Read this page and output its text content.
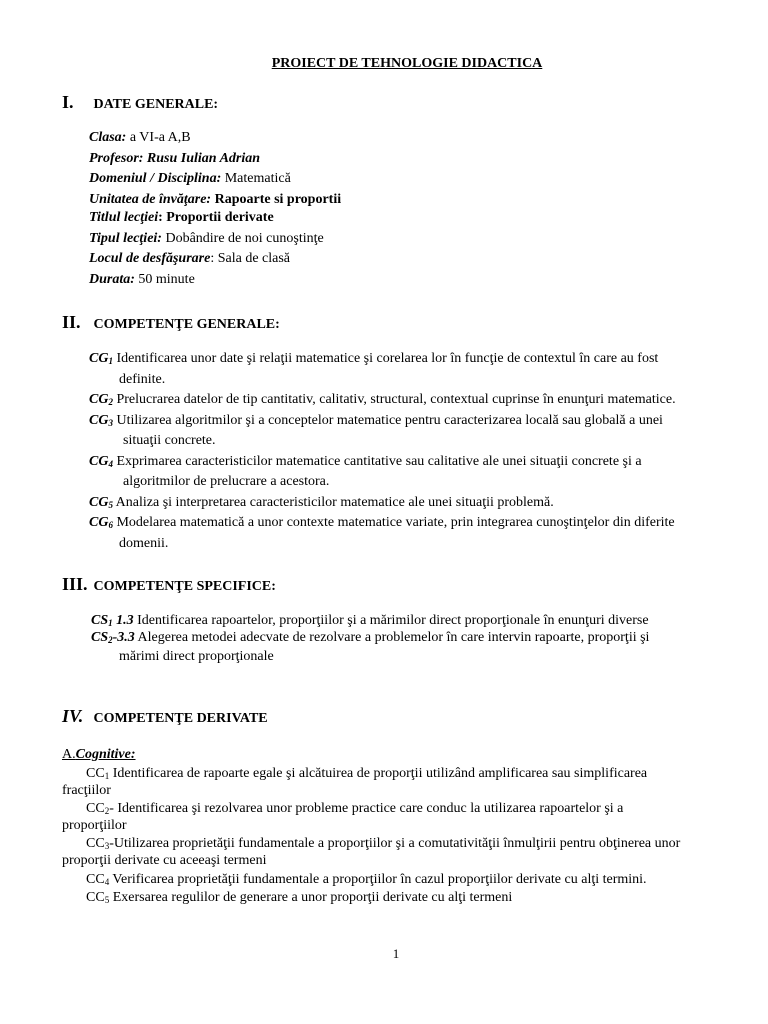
PROIECT DE TEHNOLOGIE DIDACTICA
I. DATE GENERALE:
Clasa: a VI-a A,B
Profesor: Rusu Iulian Adrian
Domeniul / Disciplina: Matematică
Unitatea de învăţare: Rapoarte si proportii
Titlul lecţiei: Proportii derivate
Tipul lecţiei: Dobândire de noi cunoştinţe
Locul de desfăşurare: Sala de clasă
Durata: 50 minute
II. COMPETENŢE GENERALE:
$CG_1$ Identificarea unor date şi relaţii matematice şi corelarea lor în funcţie de contextul în care au fost
definite.
$CG_2$ Prelucrarea datelor de tip cantitativ, calitativ, structural, contextual cuprinse în enunţuri matematice.
$CG_3$ Utilizarea algoritmilor şi a conceptelor matematice pentru caracterizarea locală sau globală a unei
situaţii concrete.
$CG_4$ Exprimarea caracteristicilor matematice cantitative sau calitative ale unei situaţii concrete şi a
algoritmilor de prelucrare a acestora.
$CG_5$ Analiza şi interpretarea caracteristicilor matematice ale unei situaţii problemă.
$CG_6$ Modelarea matematică a unor contexte matematice variate, prin integrarea cunoştinţelor din diferite
domenii.
III. COMPETENŢE SPECIFICE:
$CS_1$ 1.3 Identificarea rapoartelor, proporţiilor şi a mărimilor direct proporţionale în enunţuri diverse
$CS_2-3.3$ Alegerea metodei adecvate de rezolvare a problemelor în care intervin rapoarte, proporţii şi
mărimi direct proporţionale
IV. COMPETENŢE DERIVATE
A.Cognitive:
$CC_1$ Identificarea de rapoarte egale şi alcătuirea de proporţii utilizând amplificarea sau simplificarea
fracţiilor
$CC_2-$ Identificarea şi rezolvarea unor probleme practice care conduc la utilizarea rapoartelor şi a
proporţiilor
$CC_3$-Utilizarea proprietăţii fundamentale a proporţiilor şi a comutativităţii înmulţirii pentru obţinerea unor
proporţii derivate cu aceeaşi termeni
$CC_4$ Verificarea proprietăţii fundamentale a proporţiilor în cazul proporţiilor derivate cu alţi termini.
$CC_5$ Exersarea regulilor de generare a unor proporţii derivate cu alţi termeni
1
